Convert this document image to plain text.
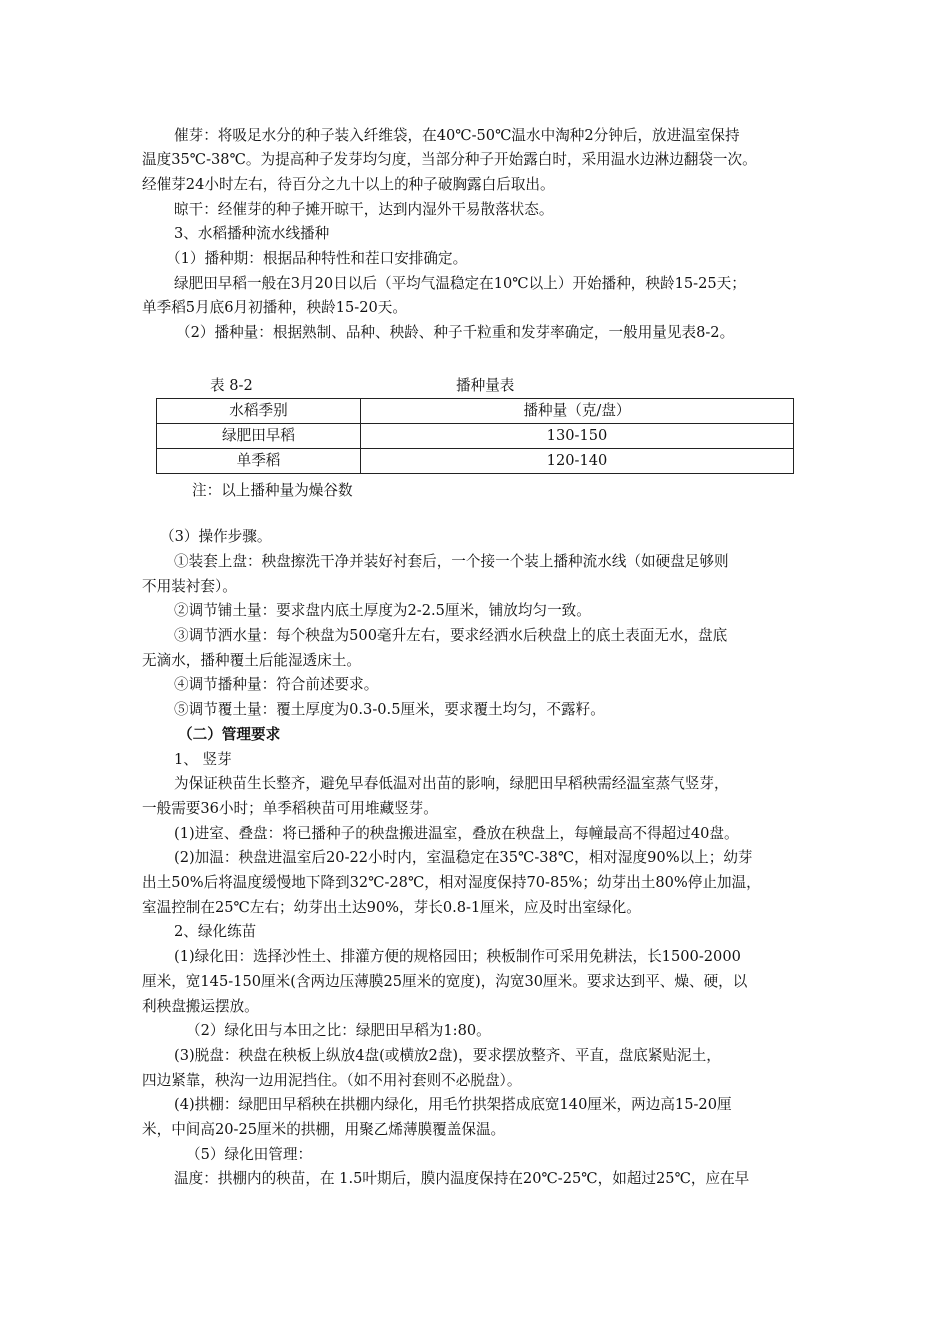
催芽：将吸足水分的种子装入纤维袋，在40℃-50℃温水中淘种2分钟后，放进温室保持
温度35℃-38℃。为提高种子发芽均匀度，当部分种子开始露白时，采用温水边淋边翻袋一次。
经催芽24小时左右，待百分之九十以上的种子破胸露白后取出。
晾干：经催芽的种子摊开晾干，达到内湿外干易散落状态。
3、水稻播种流水线播种
（1）播种期：根据品种特性和茬口安排确定。
绿肥田早稻一般在3月20日以后（平均气温稳定在10℃以上）开始播种，秧龄15-25天；
单季稻5月底6月初播种，秧龄15-20天。
（2）播种量：根据熟制、品种、秧龄、种子千粒重和发芽率确定，一般用量见表8-2。
表 8-2	播种量表
水稻季别	播种量（克/盘）
绿肥田早稻	130-150
单季稻	120-140
注：以上播种量为燥谷数
（3）操作步骤。
①装套上盘：秧盘擦洗干净并装好衬套后，一个接一个装上播种流水线（如硬盘足够则
不用装衬套）。
②调节铺土量：要求盘内底土厚度为2-2.5厘米，铺放均匀一致。
③调节洒水量：每个秧盘为500毫升左右，要求经洒水后秧盘上的底土表面无水，盘底
无滴水，播种覆土后能湿透床土。
④调节播种量：符合前述要求。
⑤调节覆土量：覆土厚度为0.3-0.5厘米，要求覆土均匀，不露籽。
（二）管理要求
1、 竖芽
为保证秧苗生长整齐，避免早春低温对出苗的影响，绿肥田早稻秧需经温室蒸气竖芽，
一般需要36小时；单季稻秧苗可用堆藏竖芽。
(1)进室、叠盘：将已播种子的秧盘搬进温室，叠放在秧盘上，每幢最高不得超过40盘。
(2)加温：秧盘进温室后20-22小时内，室温稳定在35℃-38℃，相对湿度90%以上；幼芽
出土50%后将温度缓慢地下降到32℃-28℃，相对湿度保持70-85%；幼芽出土80%停止加温，
室温控制在25℃左右；幼芽出土达90%，芽长0.8-1厘米，应及时出室绿化。
2、绿化练苗
(1)绿化田：选择沙性土、排灌方便的规格园田；秧板制作可采用免耕法，长1500-2000
厘米，宽145-150厘米(含两边压薄膜25厘米的宽度)，沟宽30厘米。要求达到平、燥、硬，以
利秧盘搬运摆放。
（2）绿化田与本田之比：绿肥田早稻为1:80。
(3)脱盘：秧盘在秧板上纵放4盘(或横放2盘)，要求摆放整齐、平直，盘底紧贴泥土，
四边紧靠，秧沟一边用泥挡住。（如不用衬套则不必脱盘）。
(4)拱棚：绿肥田早稻秧在拱棚内绿化，用毛竹拱架搭成底宽140厘米，两边高15-20厘
米，中间高20-25厘米的拱棚，用聚乙烯薄膜覆盖保温。
（5）绿化田管理：
温度：拱棚内的秧苗，在 1.5叶期后，膜内温度保持在20℃-25℃，如超过25℃，应在早
